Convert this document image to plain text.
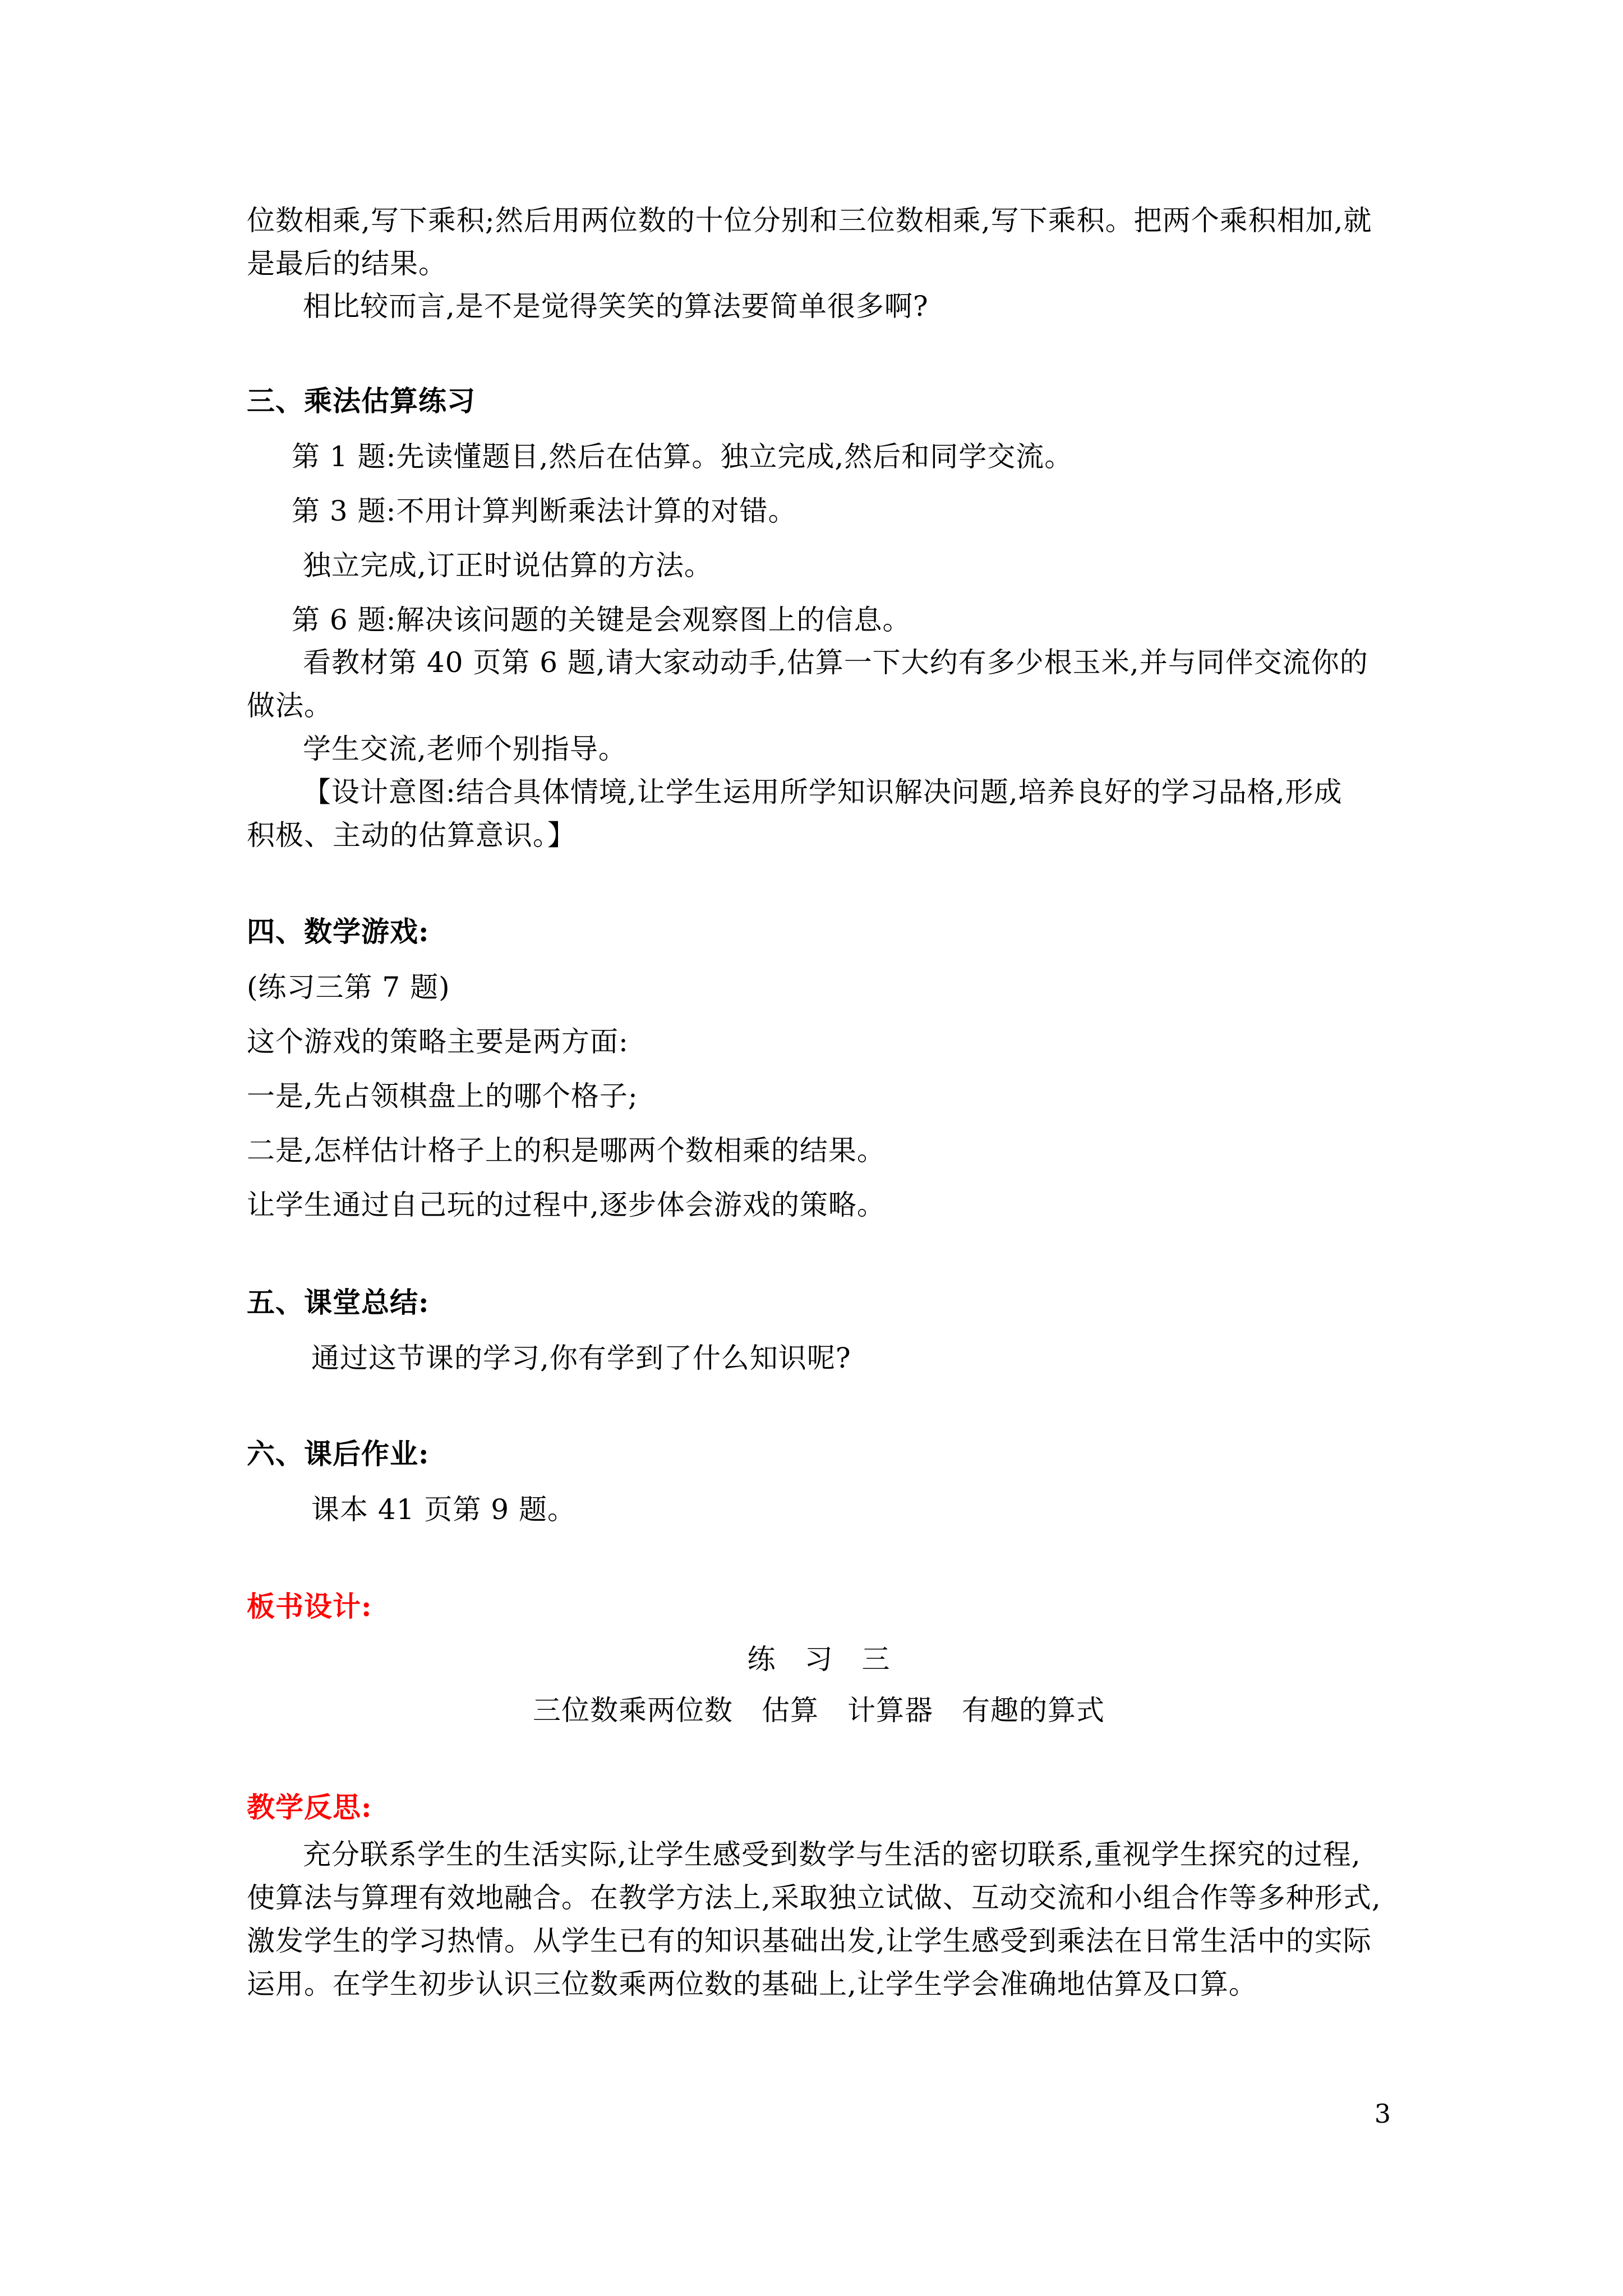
位数相乘,写下乘积;然后用两位数的十位分别和三位数相乘,写下乘积。把两个乘积相加,就
是最后的结果。
相比较而言,是不是觉得笑笑的算法要简单很多啊?
三、乘法估算练习
第 1 题:先读懂题目,然后在估算。独立完成,然后和同学交流。
第 3 题:不用计算判断乘法计算的对错。
独立完成,订正时说估算的方法。
第 6 题:解决该问题的关键是会观察图上的信息。
看教材第 40 页第 6 题,请大家动动手,估算一下大约有多少根玉米,并与同伴交流你的
做法。
学生交流,老师个别指导。
【设计意图:结合具体情境,让学生运用所学知识解决问题,培养良好的学习品格,形成
积极、主动的估算意识。】
四、数学游戏:
(练习三第 7 题)
这个游戏的策略主要是两方面:
一是,先占领棋盘上的哪个格子;
二是,怎样估计格子上的积是哪两个数相乘的结果。
让学生通过自己玩的过程中,逐步体会游戏的策略。
五、课堂总结:
通过这节课的学习,你有学到了什么知识呢?
六、课后作业:
课本 41 页第 9 题。
板书设计:
练　习　三
三位数乘两位数　估算　计算器　有趣的算式
教学反思:
充分联系学生的生活实际,让学生感受到数学与生活的密切联系,重视学生探究的过程,
使算法与算理有效地融合。在教学方法上,采取独立试做、互动交流和小组合作等多种形式,
激发学生的学习热情。从学生已有的知识基础出发,让学生感受到乘法在日常生活中的实际
运用。在学生初步认识三位数乘两位数的基础上,让学生学会准确地估算及口算。
3
